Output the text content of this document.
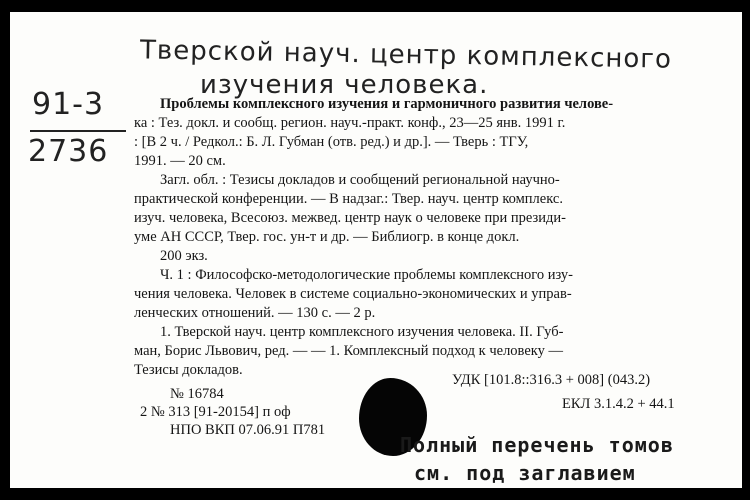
Тверской науч. центр комплексного
изучения человека.
91-3
2736
Проблемы комплексного изучения и гармоничного развития челове-
ка : Тез. докл. и сообщ. регион. науч.-практ. конф., 23—25 янв. 1991 г.
: [В 2 ч. / Редкол.: Б. Л. Губман (отв. ред.) и др.]. — Тверь : ТГУ,
1991. — 20 см.
Загл. обл. : Тезисы докладов и сообщений региональной научно-
практической конференции. — В надзаг.: Твер. науч. центр комплекс.
изуч. человека, Всесоюз. межвед. центр наук о человеке при президи-
уме АН СССР, Твер. гос. ун-т и др. — Библиогр. в конце докл.
200 экз.
Ч. 1 : Философско-методологические проблемы комплексного изу-
чения человека. Человек в системе социально-экономических и управ-
ленческих отношений. — 130 с. — 2 р.
1. Тверской науч. центр комплексного изучения человека. II. Губ-
ман, Борис Львович, ред. — — 1. Комплексный подход к человеку —
Тезисы докладов.
УДК [101.8::316.3 + 008] (043.2)
№ 16784
2 № 313 [91-20154] п оф	ЕКЛ 3.1.4.2 + 44.1
НПО ВКП 07.06.91 П781
Полный перечень томов
см. под заглавием
